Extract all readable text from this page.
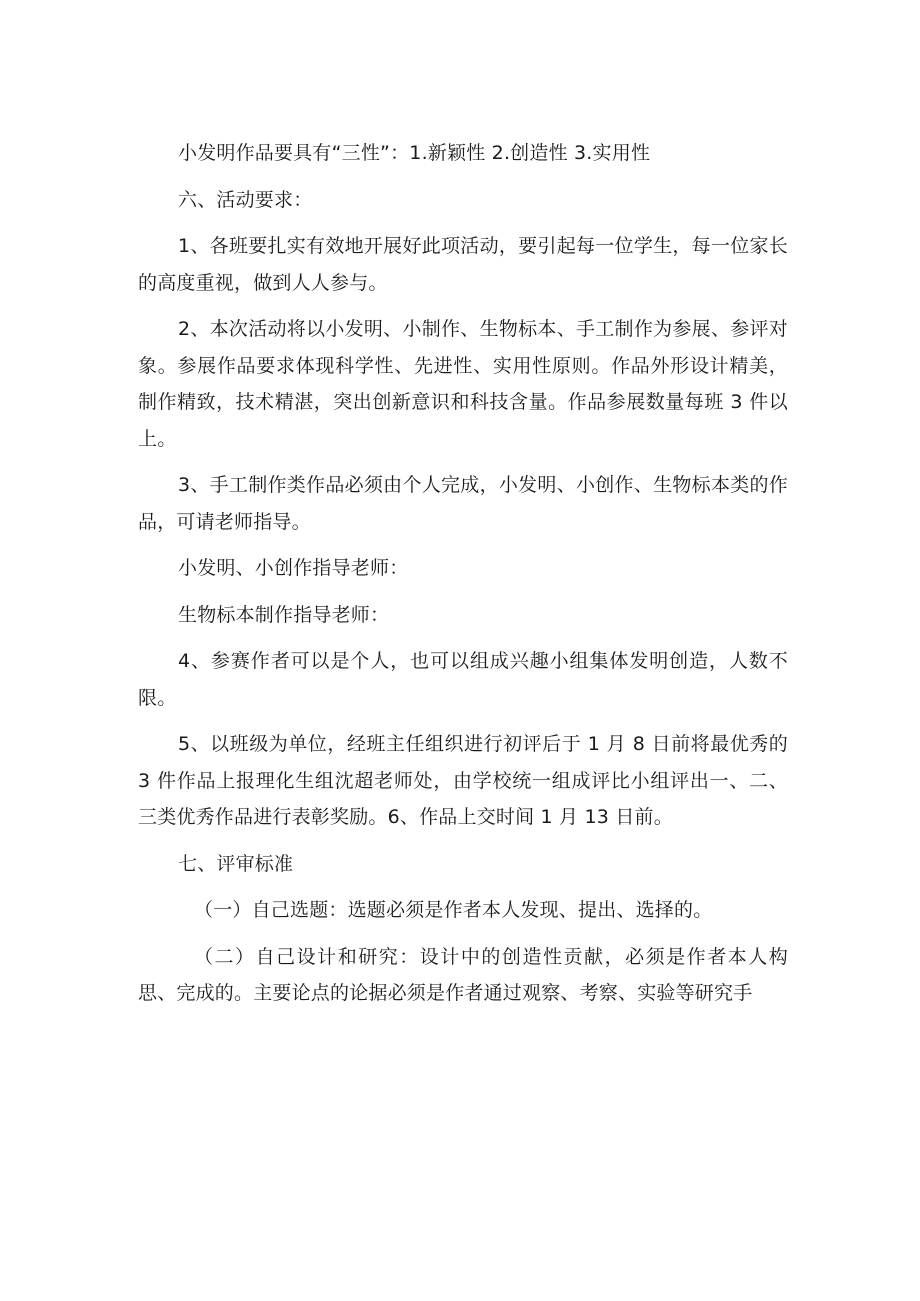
小发明作品要具有“三性”：1.新颖性 2.创造性 3.实用性

六、活动要求：

1、各班要扎实有效地开展好此项活动，要引起每一位学生，每一位家长的高度重视，做到人人参与。

2、本次活动将以小发明、小制作、生物标本、手工制作为参展、参评对象。参展作品要求体现科学性、先进性、实用性原则。作品外形设计精美，制作精致，技术精湛，突出创新意识和科技含量。作品参展数量每班 3 件以上。

3、手工制作类作品必须由个人完成，小发明、小创作、生物标本类的作品，可请老师指导。

小发明、小创作指导老师：

生物标本制作指导老师：

4、参赛作者可以是个人，也可以组成兴趣小组集体发明创造，人数不限。

5、以班级为单位，经班主任组织进行初评后于 1 月 8 日前将最优秀的 3 件作品上报理化生组沈超老师处，由学校统一组成评比小组评出一、二、三类优秀作品进行表彰奖励。6、作品上交时间 1 月 13 日前。

七、评审标准

（一）自己选题：选题必须是作者本人发现、提出、选择的。

（二）自己设计和研究：设计中的创造性贡献，必须是作者本人构思、完成的。主要论点的论据必须是作者通过观察、考察、实验等研究手
